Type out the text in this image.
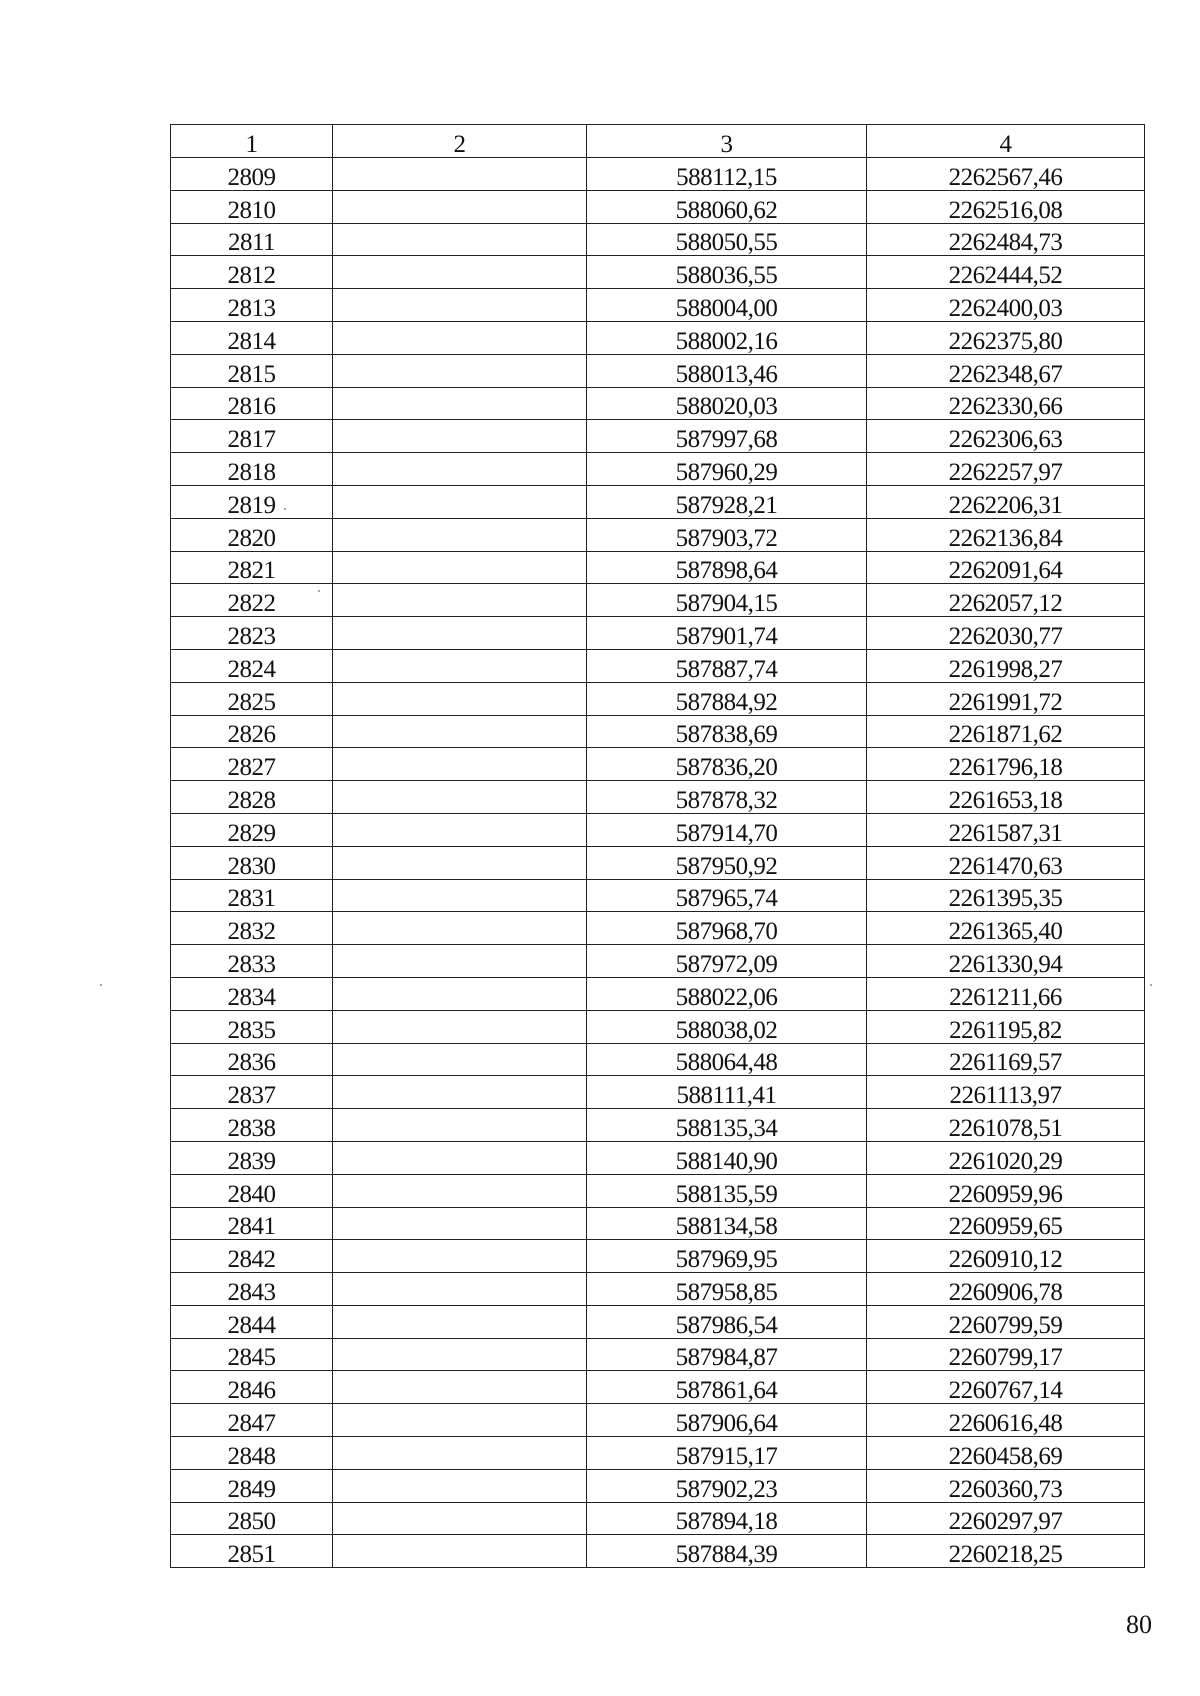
1	2	3	4
2809		588112,15	2262567,46
2810		588060,62	2262516,08
2811		588050,55	2262484,73
2812		588036,55	2262444,52
2813		588004,00	2262400,03
2814		588002,16	2262375,80
2815		588013,46	2262348,67
2816		588020,03	2262330,66
2817		587997,68	2262306,63
2818		587960,29	2262257,97
2819		587928,21	2262206,31
2820		587903,72	2262136,84
2821		587898,64	2262091,64
2822		587904,15	2262057,12
2823		587901,74	2262030,77
2824		587887,74	2261998,27
2825		587884,92	2261991,72
2826		587838,69	2261871,62
2827		587836,20	2261796,18
2828		587878,32	2261653,18
2829		587914,70	2261587,31
2830		587950,92	2261470,63
2831		587965,74	2261395,35
2832		587968,70	2261365,40
2833		587972,09	2261330,94
2834		588022,06	2261211,66
2835		588038,02	2261195,82
2836		588064,48	2261169,57
2837		588111,41	2261113,97
2838		588135,34	2261078,51
2839		588140,90	2261020,29
2840		588135,59	2260959,96
2841		588134,58	2260959,65
2842		587969,95	2260910,12
2843		587958,85	2260906,78
2844		587986,54	2260799,59
2845		587984,87	2260799,17
2846		587861,64	2260767,14
2847		587906,64	2260616,48
2848		587915,17	2260458,69
2849		587902,23	2260360,73
2850		587894,18	2260297,97
2851		587884,39	2260218,25
80
